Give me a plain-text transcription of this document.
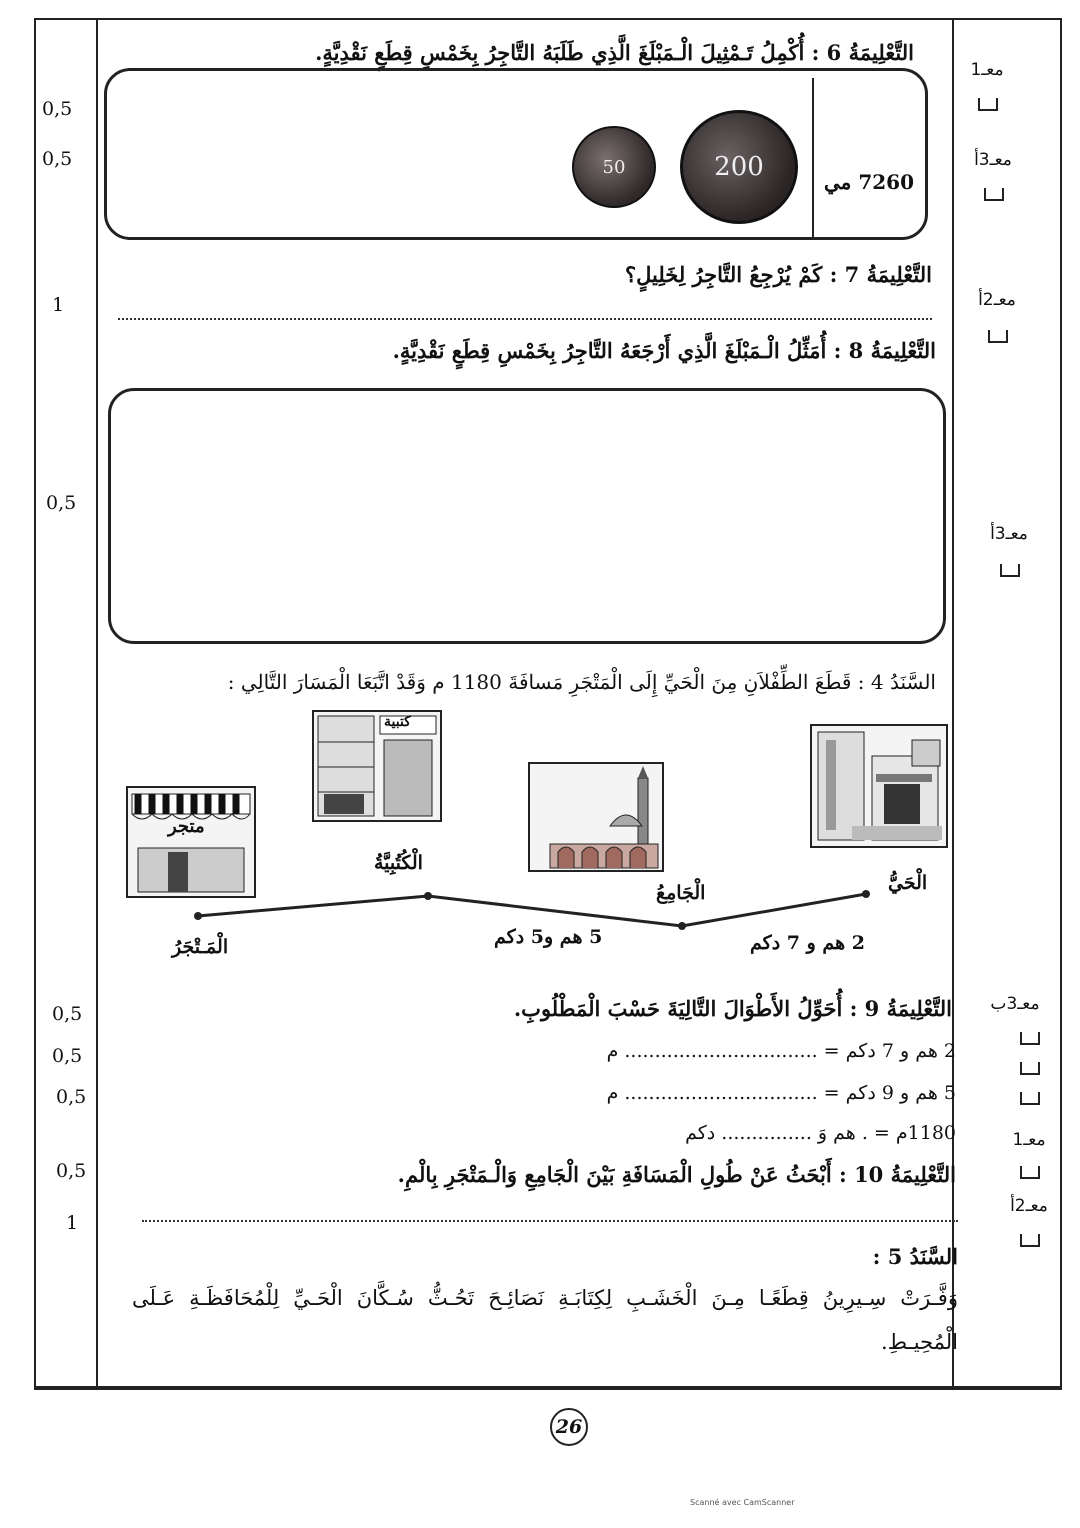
0,5
0,5
1
0,5
0,5
0,5
0,5
0,5
1
معـ1
معـ3أ
معـ2أ
معـ3أ
معـ3ب
معـ1
معـ2أ
التَّعْلِيمَةُ 6 : أُكْمِلُ تَـمْثِيلَ الْـمَبْلَغَ الَّذِي طَلَبَهُ التَّاجِرُ بِخَمْسِ قِطَعٍ نَقْدِيَّةٍ.
7260 مي
200
50
التَّعْلِيمَةُ 7 : كَمْ يُرْجِعُ التَّاجِرُ لِخَلِيلٍ؟
التَّعْلِيمَةُ 8 : أُمَثِّلُ الْـمَبْلَغَ الَّذِي أَرْجَعَهُ التَّاجِرُ بِخَمْسِ قِطَعٍ نَقْدِيَّةٍ.
السَّنَدُ 4 : قَطَعَ الطِّفْلاَنِ مِنَ الْحَيِّ إِلَى الْمَتْجَرِ مَسافَةَ 1180 م وَقَدْ اتَّبَعَا الْمَسَارَ التَّالِي :
كتبية
متجر
الْحَيُّ
الْجَامِعُ
الْكُتُبِيَّةُ
الْمَـتْجَرُ	2 هم و 7 دكم
5 هم و5 دكم
التَّعْلِيمَةُ 9 : أُحَوِّلُ الأَطْوَالَ التَّالِيَةَ حَسْبَ الْمَطْلُوبِ.
2 هم و 7 دكم = ................................ م
5 هم و 9 دكم = ................................ م
1180م = . هم وَ ............... دكم
التَّعْلِيمَةُ 10 : أَبْحَثُ عَنْ طُولِ الْمَسَافَةِ بَيْنَ الْجَامِعِ وَالْـمَتْجَرِ بِالْمِ.
السَّنَدُ 5 :
وَفَّـرَتْ سِـيرِينُ قِطَعًـا مِـنَ الْخَشَـبِ لِكِتَابَـةِ نَصَائِـحَ تَحُـثُّ سُـكَّانَ الْحَـيِّ لِلْمُحَافَظَـةِ عَـلَى الْمُحِيـطِ.
26
Scanné avec CamScanner
